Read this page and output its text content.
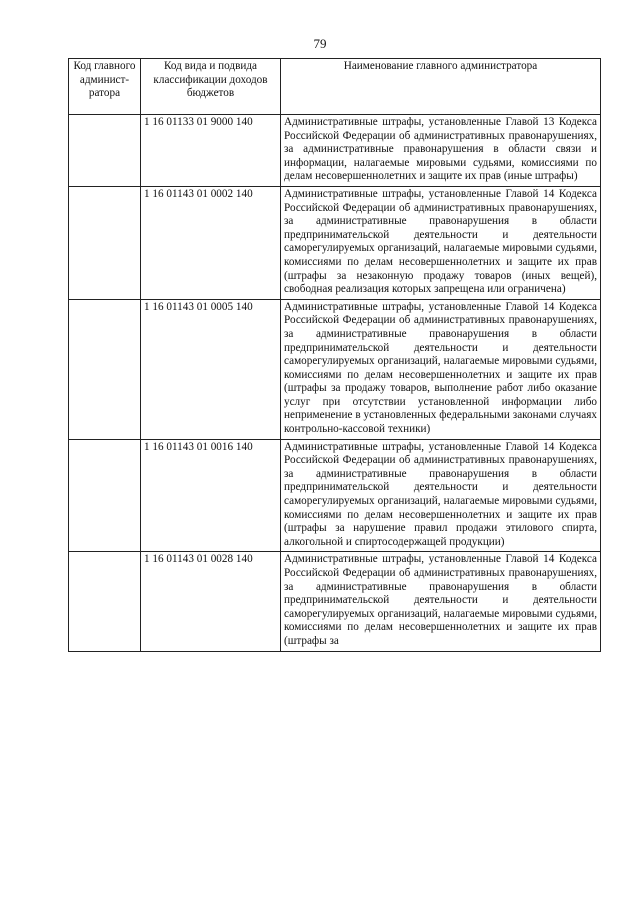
79
Код главного админист-ратора	Код вида и подвида классификации доходов бюджетов	Наименование главного администратора
	1 16 01133 01 9000 140	Административные штрафы, установленные Главой 13 Кодекса Российской Федерации об административных правонарушениях, за административные правонарушения в области связи и информации, налагаемые мировыми судьями, комиссиями по делам несовершеннолетних и защите их прав (иные штрафы)
	1 16 01143 01 0002 140	Административные штрафы, установленные Главой 14 Кодекса Российской Федерации об административных правонарушениях, за административные правонарушения в области предпринимательской деятельности и деятельности саморегулируемых организаций, налагаемые мировыми судьями, комиссиями по делам несовершеннолетних и защите их прав (штрафы за незаконную продажу товаров (иных вещей), свободная реализация которых запрещена или ограничена)
	1 16 01143 01 0005 140	Административные штрафы, установленные Главой 14 Кодекса Российской Федерации об административных правонарушениях, за административные правонарушения в области предпринимательской деятельности и деятельности саморегулируемых организаций, налагаемые мировыми судьями, комиссиями по делам несовершеннолетних и защите их прав (штрафы за продажу товаров, выполнение работ либо оказание услуг при отсутствии установленной информации либо неприменение в установленных федеральными законами случаях контрольно-кассовой техники)
	1 16 01143 01 0016 140	Административные штрафы, установленные Главой 14 Кодекса Российской Федерации об административных правонарушениях, за административные правонарушения в области предпринимательской деятельности и деятельности саморегулируемых организаций, налагаемые мировыми судьями, комиссиями по делам несовершеннолетних и защите их прав (штрафы за нарушение правил продажи этилового спирта, алкогольной и спиртосодержащей продукции)
	1 16 01143 01 0028 140	Административные штрафы, установленные Главой 14 Кодекса Российской Федерации об административных правонарушениях, за административные правонарушения в области предпринимательской деятельности и деятельности саморегулируемых организаций, налагаемые мировыми судьями, комиссиями по делам несовершеннолетних и защите их прав (штрафы за
